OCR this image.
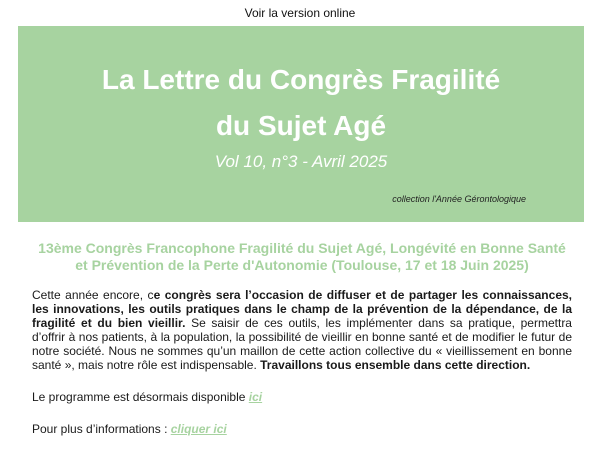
Voir la version online
La Lettre du Congrès Fragilité
du Sujet Agé
Vol 10, n°3 - Avril 2025
collection l'Année Gérontologique

13ème Congrès Francophone Fragilité du Sujet Agé, Longévité en Bonne Santé et Prévention de la Perte d'Autonomie (Toulouse, 17 et 18 Juin 2025)

Cette année encore, ce congrès sera l’occasion de diffuser et de partager les connaissances, les innovations, les outils pratiques dans le champ de la prévention de la dépendance, de la fragilité et du bien vieillir. Se saisir de ces outils, les implémenter dans sa pratique, permettra d’offrir à nos patients, à la population, la possibilité de vieillir en bonne santé et de modifier le futur de notre société. Nous ne sommes qu’un maillon de cette action collective du « vieillissement en bonne santé », mais notre rôle est indispensable. Travaillons tous ensemble dans cette direction.

Le programme est désormais disponible ici

Pour plus d’informations : cliquer ici
